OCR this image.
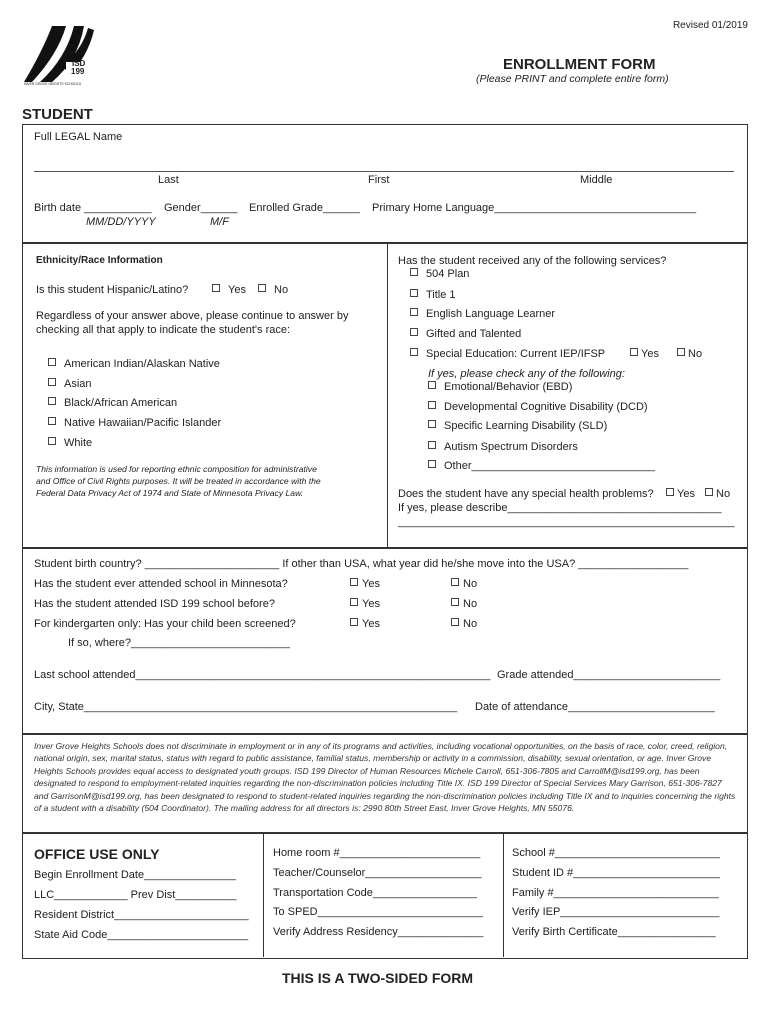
Revised 01/2019
ISD
199
INVER GROVE HEIGHTS SCHOOLS
ENROLLMENT FORM
(Please PRINT and complete entire form)
STUDENT
Full LEGAL Name
Last	First	Middle
Birth date ___________
MM/DD/YYYY
Gender______
M/F
Enrolled Grade______ Primary Home Language_________________________________
Ethnicity/Race Information
Is this student Hispanic/Latino?	Yes	No
Regardless of your answer above, please continue to answer by
checking all that apply to indicate the student's race:
American Indian/Alaskan Native
Asian
Black/African American
Native Hawaiian/Pacific Islander
White
This information is used for reporting ethnic composition for administrative
and Office of Civil Rights purposes. It will be treated in accordance with the
Federal Data Privacy Act of 1974 and State of Minnesota Privacy Law.
Has the student received any of the following services?
504 Plan
Title 1
English Language Learner
Gifted and Talented
Special Education: Current IEP/IFSP	Yes	No
If yes, please check any of the following:
Emotional/Behavior (EBD)
Developmental Cognitive Disability (DCD)
Specific Learning Disability (SLD)
Autism Spectrum Disorders
Other______________________________
Does the student have any special health problems?	Yes	No
If yes, please describe___________________________________
_______________________________________________________
Student birth country? ______________________ If other than USA, what year did he/she move into the USA? __________________
Has the student ever attended school in Minnesota?	Yes	No
Has the student attended ISD 199 school before?	Yes	No
For kindergarten only: Has your child been screened?	Yes	No
If so, where?__________________________
Last school attended__________________________________________________________ Grade attended________________________
City, State_____________________________________________________________ Date of attendance________________________
Inver Grove Heights Schools does not discriminate in employment or in any of its programs and activities, including vocational opportunities, on the basis of race, color, creed, religion, national origin, sex, marital status, status with regard to public assistance, familial status, membership or activity in a commission, disability, sexual orientation, or age. Inver Grove Heights Schools provides equal access to designated youth groups. ISD 199 Director of Human Resources Michele Carroll, 651-306-7805 and CarrollM@isd199.org, has been designated to respond to employment-related inquiries regarding the non-discrimination policies including Title IX. ISD 199 Director of Special Services Mary Garrison, 651-306-7827 and GarrisonM@isd199.org, has been designated to respond to student-related inquiries regarding the non-discrimination policies including Title IX and to inquiries concerning the rights of a student with a disability (504 Coordinator). The mailing address for all directors is: 2990 80th Street East, Inver Grove Heights, MN 55076.
OFFICE USE ONLY
Begin Enrollment Date_______________
LLC____________ Prev Dist__________
Resident District______________________
State Aid Code_______________________
Home room #_______________________
Teacher/Counselor___________________
Transportation Code_________________
To SPED___________________________
Verify Address Residency______________
School #___________________________
Student ID #________________________
Family #___________________________
Verify IEP__________________________
Verify Birth Certificate________________
THIS IS A TWO-SIDED FORM
